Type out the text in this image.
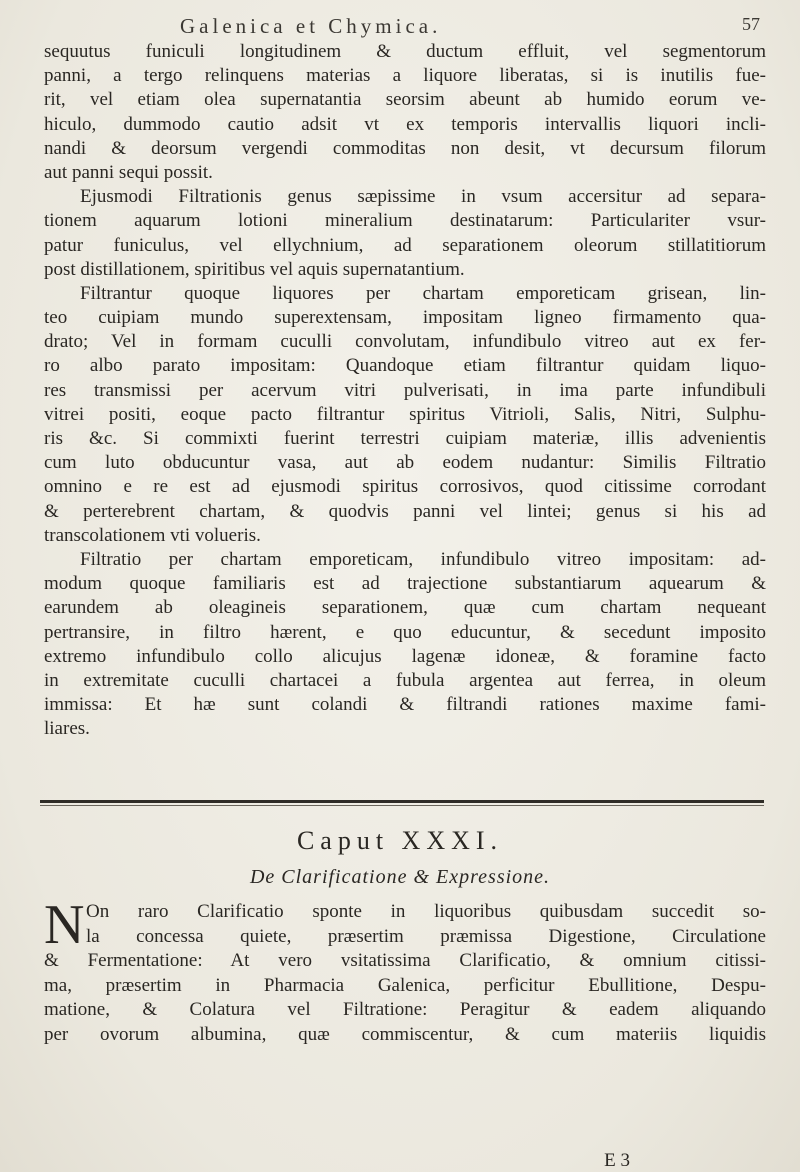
Galenica et Chymica.	57
sequutus funiculi longitudinem & ductum effluit, vel segmentorum
panni, a tergo relinquens materias a liquore liberatas, si is inutilis fue-
rit, vel etiam olea supernatantia seorsim abeunt ab humido eorum ve-
hiculo, dummodo cautio adsit vt ex temporis intervallis liquori incli-
nandi & deorsum vergendi commoditas non desit, vt decursum filorum
aut panni sequi possit.
Ejusmodi Filtrationis genus sæpissime in vsum accersitur ad separa-
tionem aquarum lotioni mineralium destinatarum: Particulariter vsur-
patur funiculus, vel ellychnium, ad separationem oleorum stillatitiorum
post distillationem, spiritibus vel aquis supernatantium.
Filtrantur quoque liquores per chartam emporeticam grisean, lin-
teo cuipiam mundo superextensam, impositam ligneo firmamento qua-
drato; Vel in formam cuculli convolutam, infundibulo vitreo aut ex fer-
ro albo parato impositam: Quandoque etiam filtrantur quidam liquo-
res transmissi per acervum vitri pulverisati, in ima parte infundibuli
vitrei positi, eoque pacto filtrantur spiritus Vitrioli, Salis, Nitri, Sulphu-
ris &c. Si commixti fuerint terrestri cuipiam materiæ, illis advenientis
cum luto obducuntur vasa, aut ab eodem nudantur: Similis Filtratio
omnino e re est ad ejusmodi spiritus corrosivos, quod citissime corrodant
& perterebrent chartam, & quodvis panni vel lintei; genus si his ad
transcolationem vti volueris.
Filtratio per chartam emporeticam, infundibulo vitreo impositam: ad-
modum quoque familiaris est ad trajectione substantiarum aquearum &
earundem ab oleagineis separationem, quæ cum chartam nequeant
pertransire, in filtro hærent, e quo educuntur, & secedunt imposito
extremo infundibulo collo alicujus lagenæ idoneæ, & foramine facto
in extremitate cuculli chartacei a fubula argentea aut ferrea, in oleum
immissa: Et hæ sunt colandi & filtrandi rationes maxime fami-
liares.
Caput XXXI.
De Clarificatione & Expressione.
N On raro Clarificatio sponte in liquoribus quibusdam succedit so-
la concessa quiete, præsertim præmissa Digestione, Circulatione
& Fermentatione: At vero vsitatissima Clarificatio, & omnium citissi-
ma, præsertim in Pharmacia Galenica, perficitur Ebullitione, Despu-
matione, & Colatura vel Filtratione: Peragitur & eadem aliquando
per ovorum albumina, quæ commiscentur, & cum materiis liquidis
E 3
